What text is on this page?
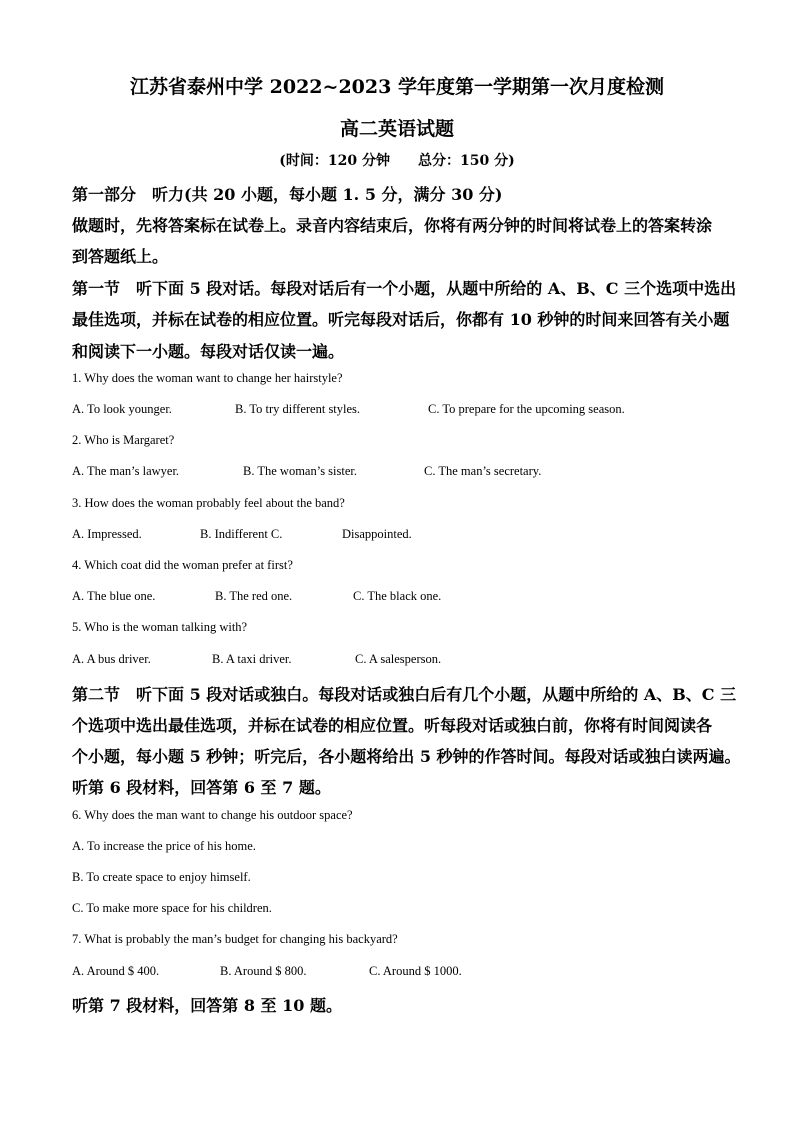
江苏省泰州中学 2022~2023 学年度第一学期第一次月度检测
高二英语试题
(时间：120 分钟　　总分：150 分)
第一部分　听力(共 20 小题，每小题 1. 5 分，满分 30 分)
做题时，先将答案标在试卷上。录音内容结束后，你将有两分钟的时间将试卷上的答案转涂
到答题纸上。
第一节　听下面 5 段对话。每段对话后有一个小题，从题中所给的 A、B、C 三个选项中选出
最佳选项，并标在试卷的相应位置。听完每段对话后，你都有 10 秒钟的时间来回答有关小题
和阅读下一小题。每段对话仅读一遍。
1. Why does the woman want to change her hairstyle?
A. To look younger.	B. To try different styles.	C. To prepare for the upcoming season.
2. Who is Margaret?
A. The man’s lawyer.	B. The woman’s sister.	C. The man’s secretary.
3. How does the woman probably feel about the band?
A. Impressed.	B. Indifferent C.	Disappointed.
4. Which coat did the woman prefer at first?
A. The blue one.	B. The red one.	C. The black one.
5. Who is the woman talking with?
A. A bus driver.	B. A taxi driver.	C. A salesperson.
第二节　听下面 5 段对话或独白。每段对话或独白后有几个小题，从题中所给的 A、B、C 三
个选项中选出最佳选项，并标在试卷的相应位置。听每段对话或独白前，你将有时间阅读各
个小题，每小题 5 秒钟；听完后，各小题将给出 5 秒钟的作答时间。每段对话或独白读两遍。
听第 6 段材料，回答第 6 至 7 题。
6. Why does the man want to change his outdoor space?
A. To increase the price of his home.
B. To create space to enjoy himself.
C. To make more space for his children.
7. What is probably the man’s budget for changing his backyard?
A. Around $ 400.	B. Around $ 800.	C. Around $ 1000.
听第 7 段材料，回答第 8 至 10 题。
